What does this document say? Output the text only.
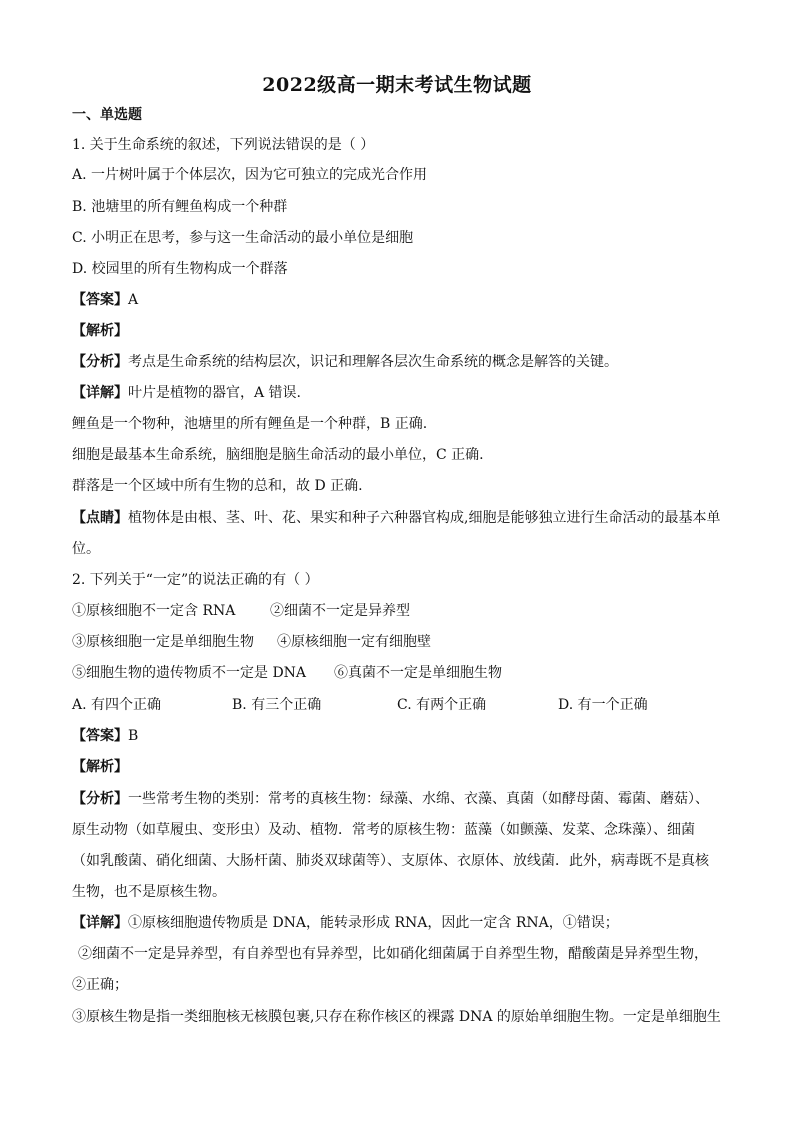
2022级高一期末考试生物试题
一、单选题
1. 关于生命系统的叙述，下列说法错误的是（ ）
A. 一片树叶属于个体层次，因为它可独立的完成光合作用
B. 池塘里的所有鲤鱼构成一个种群
C. 小明正在思考，参与这一生命活动的最小单位是细胞
D. 校园里的所有生物构成一个群落
【答案】A
【解析】
【分析】考点是生命系统的结构层次，识记和理解各层次生命系统的概念是解答的关键。
【详解】叶片是植物的器官，A 错误.
鲤鱼是一个物种，池塘里的所有鲤鱼是一个种群，B 正确.
细胞是最基本生命系统，脑细胞是脑生命活动的最小单位，C 正确.
群落是一个区域中所有生物的总和，故 D 正确.
【点睛】植物体是由根、茎、叶、花、果实和种子六种器官构成,细胞是能够独立进行生命活动的最基本单
位。
2. 下列关于“一定”的说法正确的有（ ）
①原核细胞不一定含 RNA ②细菌不一定是异养型
③原核细胞一定是单细胞生物 ④原核细胞一定有细胞壁
⑤细胞生物的遗传物质不一定是 DNA ⑥真菌不一定是单细胞生物
A. 有四个正确	B. 有三个正确	C. 有两个正确	D. 有一个正确
【答案】B
【解析】
【分析】一些常考生物的类别：常考的真核生物：绿藻、水绵、衣藻、真菌（如酵母菌、霉菌、蘑菇）、
原生动物（如草履虫、变形虫）及动、植物．常考的原核生物：蓝藻（如颤藻、发菜、念珠藻）、细菌
（如乳酸菌、硝化细菌、大肠杆菌、肺炎双球菌等）、支原体、衣原体、放线菌．此外，病毒既不是真核
生物，也不是原核生物。
【详解】①原核细胞遗传物质是 DNA，能转录形成 RNA，因此一定含 RNA，①错误；
②细菌不一定是异养型，有自养型也有异养型，比如硝化细菌属于自养型生物，醋酸菌是异养型生物，
②正确；
③原核生物是指一类细胞核无核膜包裹,只存在称作核区的裸露 DNA 的原始单细胞生物。一定是单细胞生
